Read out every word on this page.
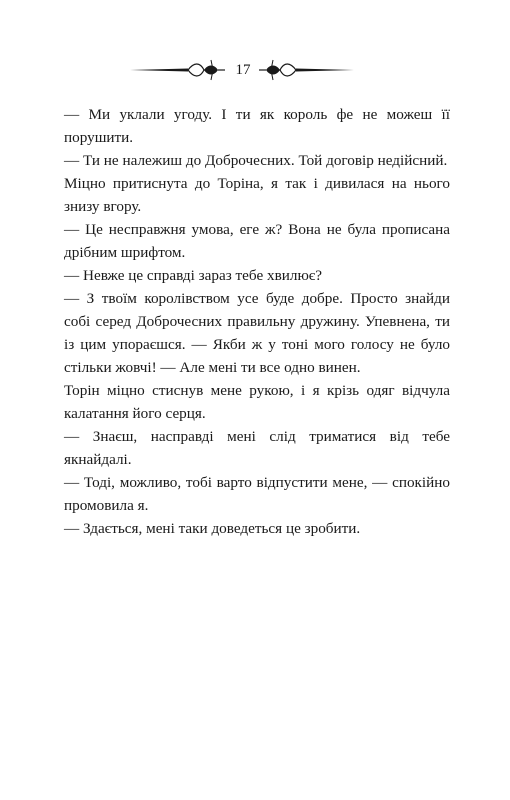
17

— Ми уклали угоду. І ти як король фе не можеш її порушити.

— Ти не належиш до Доброчесних. Той договір недійсний.

Міцно притиснута до Торіна, я так і дивилася на нього знизу вгору.

— Це несправжня умова, еге ж? Вона не була прописана дрібним шрифтом.

— Невже це справді зараз тебе хвилює?

— З твоїм королівством усе буде добре. Просто знайди собі серед Доброчесних правильну дружину. Упевнена, ти із цим упораєшся. — Якби ж у тоні мого голосу не було стільки жовчі! — Але мені ти все одно винен.

Торін міцно стиснув мене рукою, і я крізь одяг відчула калатання його серця.

— Знаєш, насправді мені слід триматися від тебе якнайдалі.

— Тоді, можливо, тобі варто відпустити мене, — спокійно промовила я.

— Здається, мені таки доведеться це зробити.
